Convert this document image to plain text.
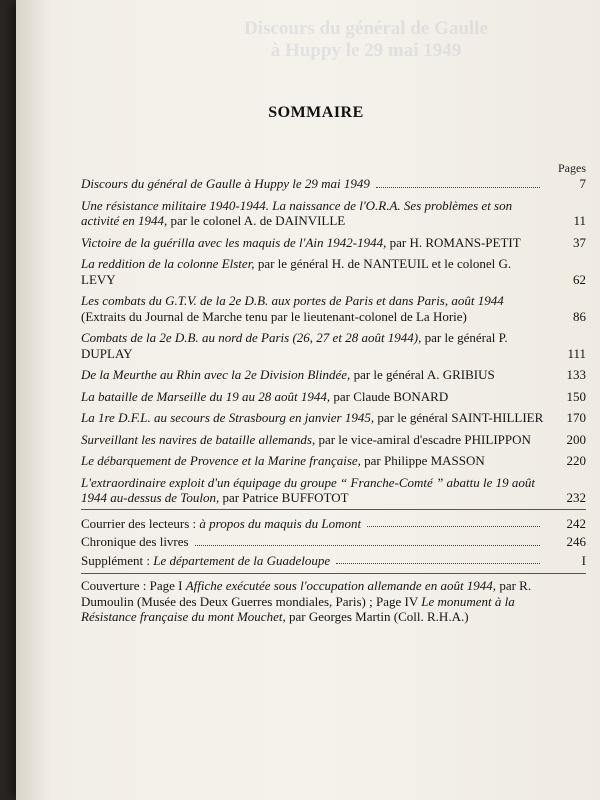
Discours du général de Gaulle
à Huppy le 29 mai 1949
SOMMAIRE
Pages
Discours du général de Gaulle à Huppy le 29 mai 1949	7
Une résistance militaire 1940-1944. La naissance de l'O.R.A. Ses problèmes et son activité en 1944, par le colonel A. de DAINVILLE	11
Victoire de la guérilla avec les maquis de l'Ain 1942-1944, par H. ROMANS-PETIT	37
La reddition de la colonne Elster, par le général H. de NANTEUIL et le colonel G. LEVY	62
Les combats du G.T.V. de la 2e D.B. aux portes de Paris et dans Paris, août 1944 (Extraits du Journal de Marche tenu par le lieutenant-colonel de La Horie)	86
Combats de la 2e D.B. au nord de Paris (26, 27 et 28 août 1944), par le général P. DUPLAY	111
De la Meurthe au Rhin avec la 2e Division Blindée, par le général A. GRIBIUS	133
La bataille de Marseille du 19 au 28 août 1944, par Claude BONARD	150
La 1re D.F.L. au secours de Strasbourg en janvier 1945, par le général SAINT-HILLIER	170
Surveillant les navires de bataille allemands, par le vice-amiral d'escadre PHILIPPON	200
Le débarquement de Provence et la Marine française, par Philippe MASSON	220
L'extraordinaire exploit d'un équipage du groupe “ Franche-Comté ” abattu le 19 août 1944 au-dessus de Toulon, par Patrice BUFFOTOT	232
Courrier des lecteurs : à propos du maquis du Lomont	242
Chronique des livres	246
Supplément : Le département de la Guadeloupe	I
Couverture : Page I Affiche exécutée sous l'occupation allemande en août 1944, par R. Dumoulin (Musée des Deux Guerres mondiales, Paris) ; Page IV Le monument à la Résistance française du mont Mouchet, par Georges Martin (Coll. R.H.A.)
